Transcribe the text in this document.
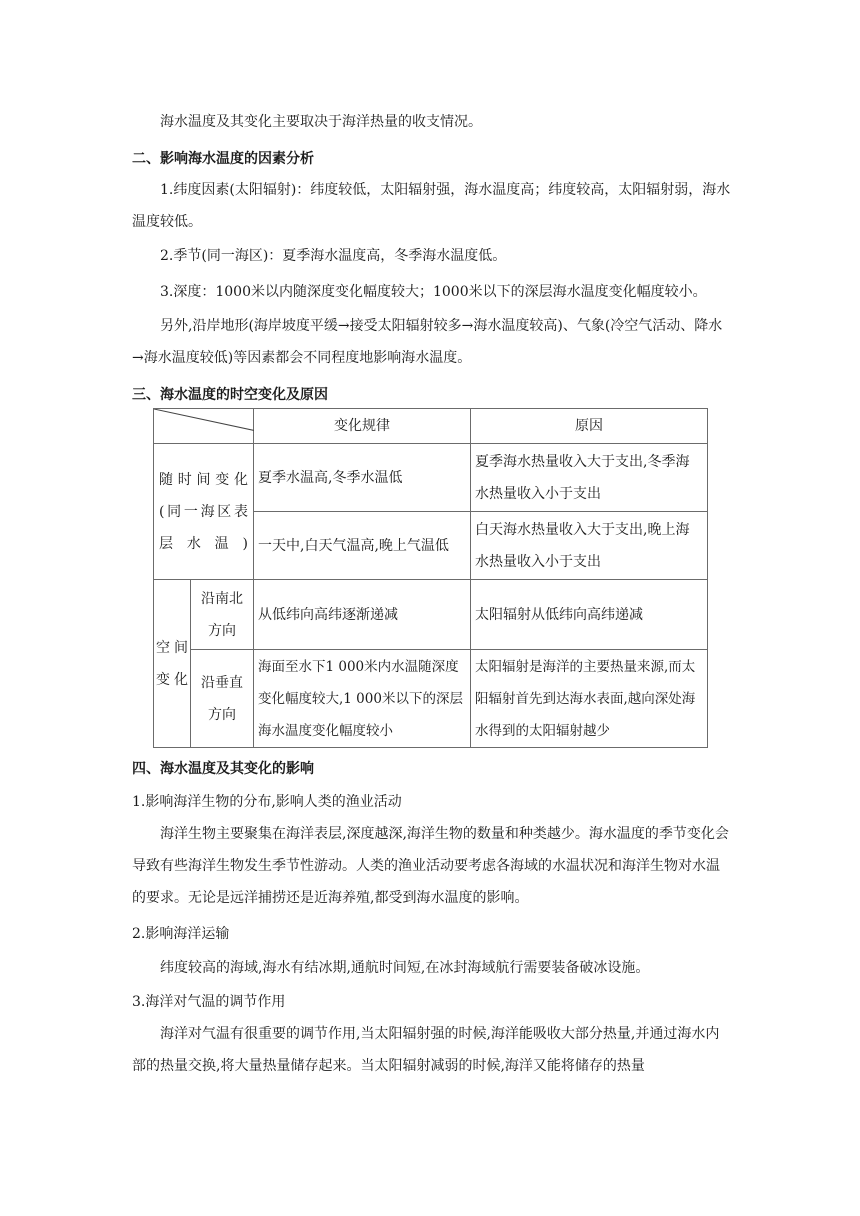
海水温度及其变化主要取决于海洋热量的收支情况。

二、影响海水温度的因素分析

1.纬度因素(太阳辐射)：纬度较低，太阳辐射强，海水温度高；纬度较高，太阳辐射弱，海水温度较低。

2.季节(同一海区)：夏季海水温度高，冬季海水温度低。

3.深度：1000米以内随深度变化幅度较大；1000米以下的深层海水温度变化幅度较小。

另外,沿岸地形(海岸坡度平缓→接受太阳辐射较多→海水温度较高)、气象(冷空气活动、降水→海水温度较低)等因素都会不同程度地影响海水温度。

三、海水温度的时空变化及原因

	变化规律	原因
随时间变化(同一海区表层水温)		夏季水温高,冬季水温低	夏季海水热量收入大于支出,冬季海水热量收入小于支出
		一天中,白天气温高,晚上气温低	白天海水热量收入大于支出,晚上海水热量收入小于支出
空间变化	沿南北方向	从低纬向高纬逐渐递减	太阳辐射从低纬向高纬递减
	沿垂直方向	海面至水下1 000米内水温随深度变化幅度较大,1 000米以下的深层海水温度变化幅度较小	太阳辐射是海洋的主要热量来源,而太阳辐射首先到达海水表面,越向深处海水得到的太阳辐射越少

四、海水温度及其变化的影响

1.影响海洋生物的分布,影响人类的渔业活动

海洋生物主要聚集在海洋表层,深度越深,海洋生物的数量和种类越少。海水温度的季节变化会导致有些海洋生物发生季节性游动。人类的渔业活动要考虑各海域的水温状况和海洋生物对水温的要求。无论是远洋捕捞还是近海养殖,都受到海水温度的影响。

2.影响海洋运输

纬度较高的海域,海水有结冰期,通航时间短,在冰封海域航行需要装备破冰设施。

3.海洋对气温的调节作用

海洋对气温有很重要的调节作用,当太阳辐射强的时候,海洋能吸收大部分热量,并通过海水内部的热量交换,将大量热量储存起来。当太阳辐射减弱的时候,海洋又能将储存的热量
